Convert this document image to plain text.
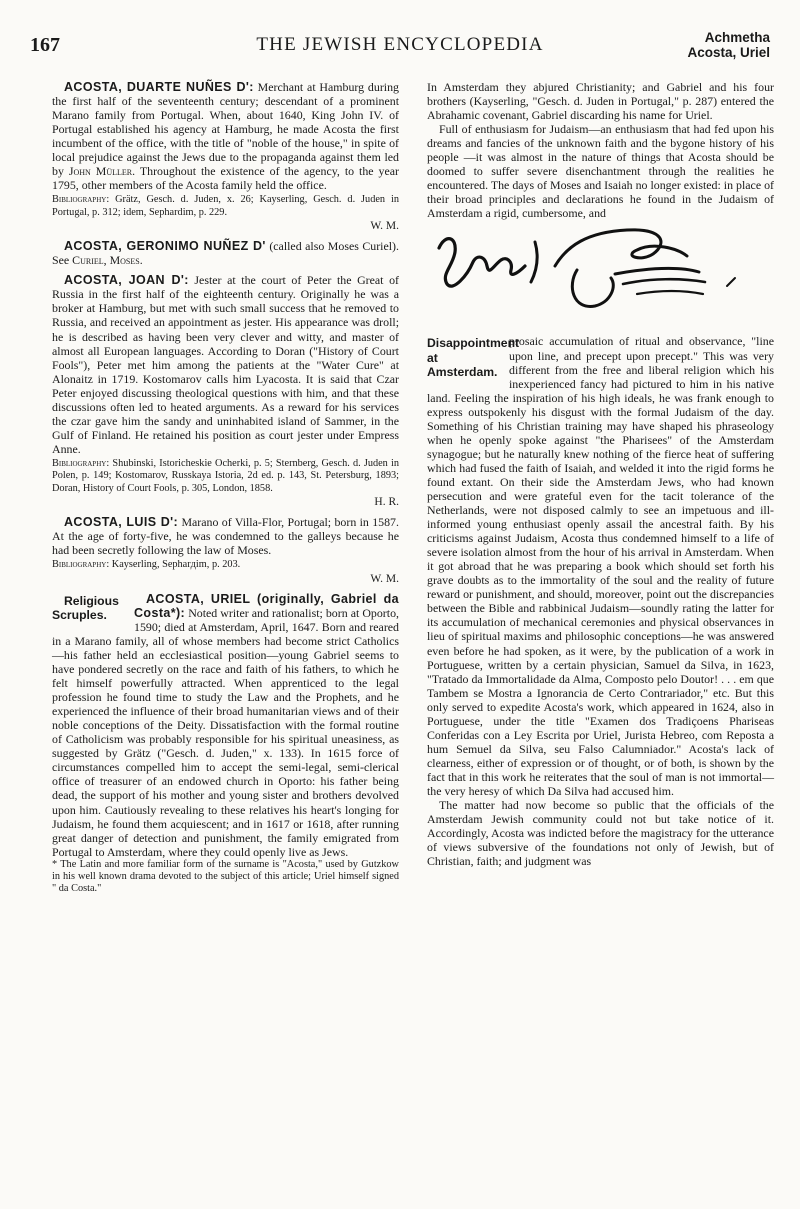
167	THE JEWISH ENCYCLOPEDIA	Achmetha
Acosta, Uriel

ACOSTA, DUARTE NUÑES D': Merchant at Hamburg during the first half of the seventeenth century; descendant of a prominent Marano family from Portugal. When, about 1640, King John IV. of Portugal established his agency at Hamburg, he made Acosta the first incumbent of the office, with the title of "noble of the house," in spite of local prejudice against the Jews due to the propaganda against them led by John Müller. Throughout the existence of the agency, to the year 1795, other members of the Acosta family held the office.

Bibliography: Grätz, Gesch. d. Juden, x. 26; Kayserling, Gesch. d. Juden in Portugal, p. 312; idem, Sephardim, p. 229.

W. M.

ACOSTA, GERONIMO NUÑEZ D' (called also Moses Curiel). See Curiel, Moses.

ACOSTA, JOAN D': Jester at the court of Peter the Great of Russia in the first half of the eighteenth century. Originally he was a broker at Hamburg, but met with such small success that he removed to Russia, and received an appointment as jester. His appearance was droll; he is described as having been very clever and witty, and master of almost all European languages. According to Doran ("History of Court Fools"), Peter met him among the patients at the "Water Cure" at Alonaitz in 1719. Kostomarov calls him Lyacosta. It is said that Czar Peter enjoyed discussing theological questions with him, and that these discussions often led to heated arguments. As a reward for his services the czar gave him the sandy and uninhabited island of Sammer, in the Gulf of Finland. He retained his position as court jester under Empress Anne.

Bibliography: Shubinski, Istoricheskie Ocherki, p. 5; Sternberg, Gesch. d. Juden in Polen, p. 149; Kostomarov, Russkaya Istoria, 2d ed. p. 143, St. Petersburg, 1893; Doran, History of Court Fools, p. 305, London, 1858.

H. R.

ACOSTA, LUIS D': Marano of Villa-Flor, Portugal; born in 1587. At the age of forty-five, he was condemned to the galleys because he had been secretly following the law of Moses.

Bibliography: Kayserling, Sepharдim, p. 203.

W. M.

Religious Scruples.
ACOSTA, URIEL (originally, Gabriel da Costa*): Noted writer and rationalist; born at Oporto, 1590; died at Amsterdam, April, 1647. Born and reared in a Marano family, all of whose members had become strict Catholics—his father held an ecclesiastical position—young Gabriel seems to have pondered secretly on the race and faith of his fathers, to which he felt himself powerfully attracted. When apprenticed to the legal profession he found time to study the Law and the Prophets, and he experienced the influence of their broad humanitarian views and of their noble conceptions of the Deity. Dissatisfaction with the formal routine of Catholicism was probably responsible for his spiritual uneasiness, as suggested by Grätz ("Gesch. d. Juden," x. 133). In 1615 force of circumstances compelled him to accept the semi-legal, semi-clerical office of treasurer of an endowed church in Oporto: his father being dead, the support of his mother and young sister and brothers devolved upon him. Cautiously revealing to these relatives his heart's longing for Judaism, he found them acquiescent; and in 1617 or 1618, after running great danger of detection and punishment, the family emigrated from Portugal to Amsterdam, where they could openly live as Jews.

* The Latin and more familiar form of the surname is "Acosta," used by Gutzkow in his well known drama devoted to the subject of this article; Uriel himself signed " da Costa."

In Amsterdam they abjured Christianity; and Gabriel and his four brothers (Kayserling, "Gesch. d. Juden in Portugal," p. 287) entered the Abrahamic covenant, Gabriel discarding his name for Uriel.

Full of enthusiasm for Judaism—an enthusiasm that had fed upon his dreams and fancies of the unknown faith and the bygone history of his people —it was almost in the nature of things that Acosta should be doomed to suffer severe disenchantment through the realities he encountered. The days of Moses and Isaiah no longer existed: in place of their broad principles and declarations he found in the Judaism of Amsterdam a rigid, cumbersome, and

Disappointment at Amsterdam.
prosaic accumulation of ritual and observance, "line upon line, and precept upon precept." This was very different from the free and liberal religion which his inexperienced fancy had pictured to him in his native land. Feeling the inspiration of his high ideals, he was frank enough to express outspokenly his disgust with the formal Judaism of the day. Something of his Christian training may have shaped his phraseology when he openly spoke against "the Pharisees" of the Amsterdam synagogue; but he naturally knew nothing of the fierce heat of suffering which had fused the faith of Isaiah, and welded it into the rigid forms he found extant. On their side the Amsterdam Jews, who had known persecution and were grateful even for the tacit tolerance of the Netherlands, were not disposed calmly to see an impetuous and ill-informed young enthusiast openly assail the ancestral faith. By his criticisms against Judaism, Acosta thus condemned himself to a life of severe isolation almost from the hour of his arrival in Amsterdam. When it got abroad that he was preparing a book which should set forth his grave doubts as to the immortality of the soul and the reality of future reward or punishment, and should, moreover, point out the discrepancies between the Bible and rabbinical Judaism—soundly rating the latter for its accumulation of mechanical ceremonies and physical observances in lieu of spiritual maxims and philosophic conceptions—he was answered even before he had spoken, as it were, by the publication of a work in Portuguese, written by a certain physician, Samuel da Silva, in 1623, "Tratado da Immortalidade da Alma, Composto pelo Doutor! . . . em que Tambem se Mostra a Ignorancia de Certo Contrariador," etc. But this only served to expedite Acosta's work, which appeared in 1624, also in Portuguese, under the title "Examen dos Tradiçoens Phariseas Conferidas con a Ley Escrita por Uriel, Jurista Hebreo, com Reposta a hum Semuel da Silva, seu Falso Calumniador." Acosta's lack of clearness, either of expression or of thought, or of both, is shown by the fact that in this work he reiterates that the soul of man is not immortal—the very heresy of which Da Silva had accused him.

The matter had now become so public that the officials of the Amsterdam Jewish community could not but take notice of it. Accordingly, Acosta was indicted before the magistracy for the utterance of views subversive of the foundations not only of Jewish, but of Christian, faith; and judgment was
